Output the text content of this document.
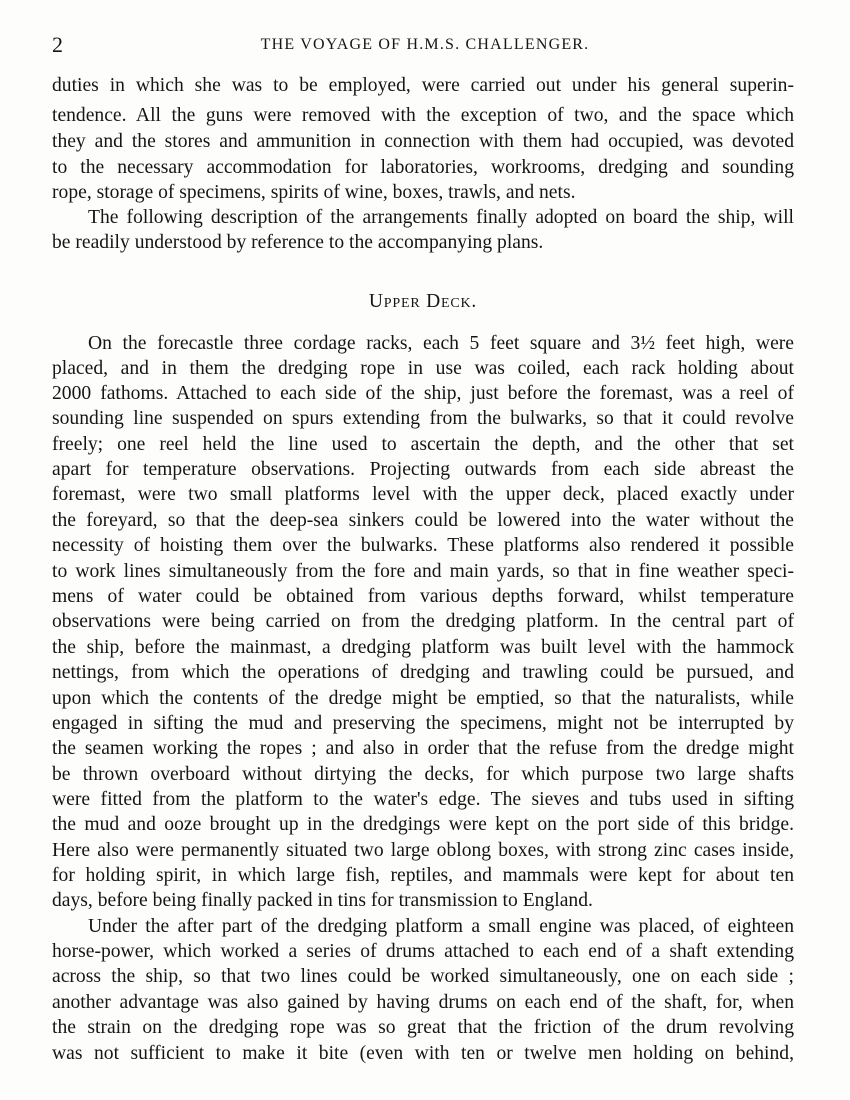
2	THE VOYAGE OF H.M.S. CHALLENGER.
duties in which she was to be employed, were carried out under his general superin-
tendence. All the guns were removed with the exception of two, and the space which
they and the stores and ammunition in connection with them had occupied, was devoted
to the necessary accommodation for laboratories, workrooms, dredging and sounding
rope, storage of specimens, spirits of wine, boxes, trawls, and nets.
The following description of the arrangements finally adopted on board the ship, will
be readily understood by reference to the accompanying plans.
Upper Deck.
On the forecastle three cordage racks, each 5 feet square and 3½ feet high, were
placed, and in them the dredging rope in use was coiled, each rack holding about
2000 fathoms. Attached to each side of the ship, just before the foremast, was a reel of
sounding line suspended on spurs extending from the bulwarks, so that it could revolve
freely; one reel held the line used to ascertain the depth, and the other that set
apart for temperature observations. Projecting outwards from each side abreast the
foremast, were two small platforms level with the upper deck, placed exactly under
the foreyard, so that the deep-sea sinkers could be lowered into the water without the
necessity of hoisting them over the bulwarks. These platforms also rendered it possible
to work lines simultaneously from the fore and main yards, so that in fine weather speci-
mens of water could be obtained from various depths forward, whilst temperature
observations were being carried on from the dredging platform. In the central part of
the ship, before the mainmast, a dredging platform was built level with the hammock
nettings, from which the operations of dredging and trawling could be pursued, and
upon which the contents of the dredge might be emptied, so that the naturalists, while
engaged in sifting the mud and preserving the specimens, might not be interrupted by
the seamen working the ropes ; and also in order that the refuse from the dredge might
be thrown overboard without dirtying the decks, for which purpose two large shafts
were fitted from the platform to the water's edge. The sieves and tubs used in sifting
the mud and ooze brought up in the dredgings were kept on the port side of this bridge.
Here also were permanently situated two large oblong boxes, with strong zinc cases inside,
for holding spirit, in which large fish, reptiles, and mammals were kept for about ten
days, before being finally packed in tins for transmission to England.
Under the after part of the dredging platform a small engine was placed, of eighteen
horse-power, which worked a series of drums attached to each end of a shaft extending
across the ship, so that two lines could be worked simultaneously, one on each side ;
another advantage was also gained by having drums on each end of the shaft, for, when
the strain on the dredging rope was so great that the friction of the drum revolving
was not sufficient to make it bite (even with ten or twelve men holding on behind,
